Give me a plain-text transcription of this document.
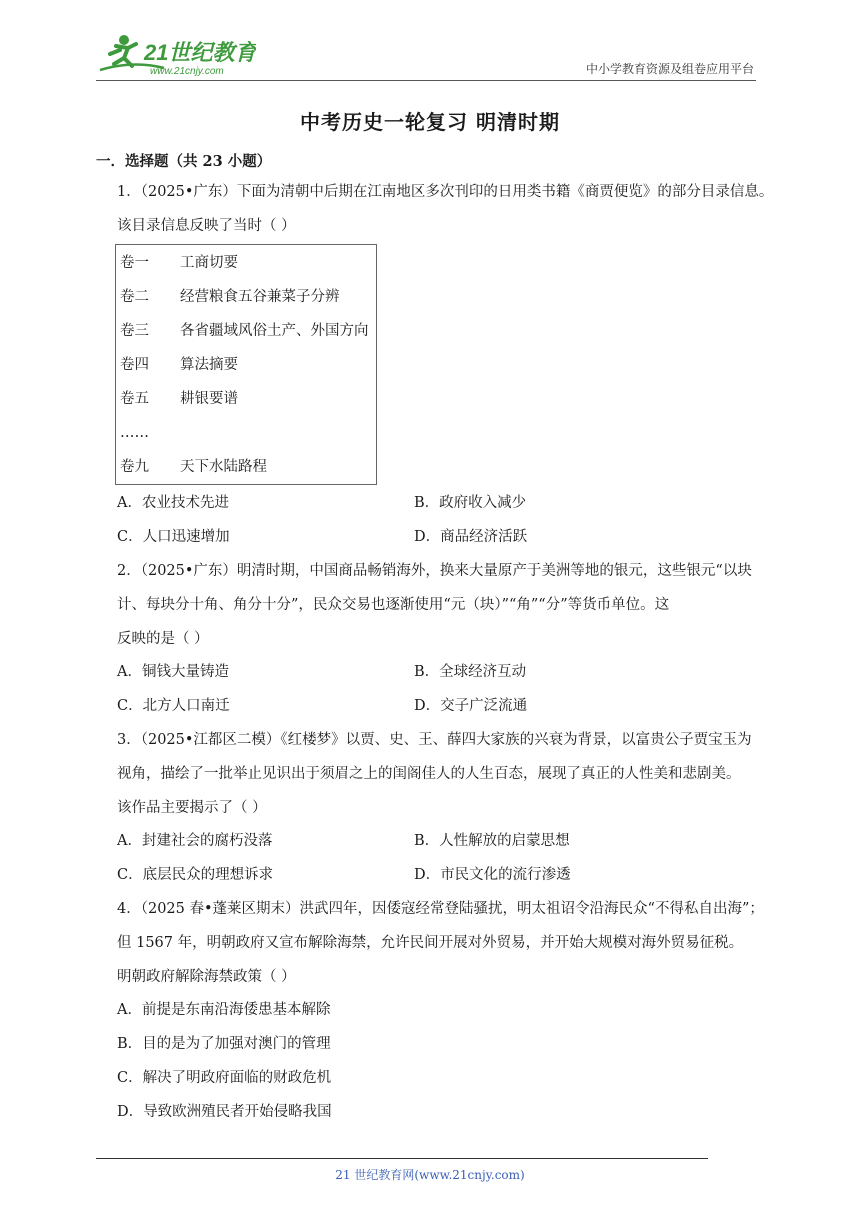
21世纪教育
www.21cnjy.com	中小学教育资源及组卷应用平台
中考历史一轮复习 明清时期
一．选择题（共 23 小题）
1．（2025•广东）下面为清朝中后期在江南地区多次刊印的日用类书籍《商贾便览》的部分目录信息。
该目录信息反映了当时（ ）
卷一 工商切要
卷二 经营粮食五谷兼菜子分辨
卷三 各省疆域风俗土产、外国方向
卷四 算法摘要
卷五 耕银要谱
……
卷九 天下水陆路程
A．农业技术先进	B．政府收入减少
C．人口迅速增加	D．商品经济活跃
2．（2025•广东）明清时期，中国商品畅销海外，换来大量原产于美洲等地的银元，这些银元“以块
计、每块分十角、角分十分”，民众交易也逐渐使用“元（块）”“角”“分”等货币单位。这
反映的是（ ）
A．铜钱大量铸造	B．全球经济互动
C．北方人口南迁	D．交子广泛流通
3．（2025•江都区二模）《红楼梦》以贾、史、王、薛四大家族的兴衰为背景，以富贵公子贾宝玉为
视角，描绘了一批举止见识出于须眉之上的闺阁佳人的人生百态，展现了真正的人性美和悲剧美。
该作品主要揭示了（ ）
A．封建社会的腐朽没落	B．人性解放的启蒙思想
C．底层民众的理想诉求	D．市民文化的流行渗透
4．（2025 春•蓬莱区期末）洪武四年，因倭寇经常登陆骚扰，明太祖诏令沿海民众“不得私自出海”；
但 1567 年，明朝政府又宣布解除海禁，允许民间开展对外贸易，并开始大规模对海外贸易征税。
明朝政府解除海禁政策（ ）
A．前提是东南沿海倭患基本解除
B．目的是为了加强对澳门的管理
C．解决了明政府面临的财政危机
D．导致欧洲殖民者开始侵略我国
21 世纪教育网(www.21cnjy.com)
